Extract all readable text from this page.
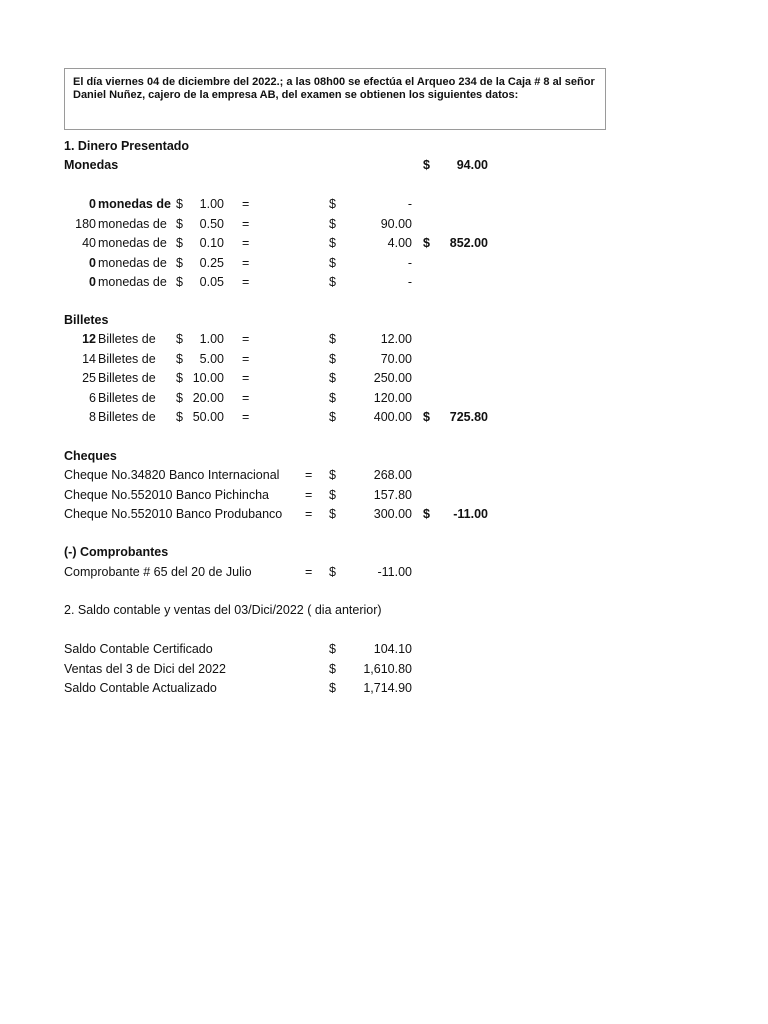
El día viernes 04 de diciembre del 2022.; a las 08h00 se efectúa el Arqueo 234 de la Caja # 8 al señor
Daniel Nuñez, cajero de la empresa AB, del examen se obtienen los siguientes datos:
1. Dinero Presentado
Monedas	$	94.00
0 monedas de $	1.00 =	$	-
180 monedas de $	0.50 =	$	90.00
40 monedas de $	0.10 =	$	4.00 $	852.00
0 monedas de $	0.25 =	$	-
0 monedas de $	0.05 =	$	-
Billetes
12 Billetes de $	1.00 =	$	12.00
14 Billetes de $	5.00 =	$	70.00
25 Billetes de $ 10.00 =	$	250.00
6 Billetes de $ 20.00 =	$	120.00
8 Billetes de $ 50.00 =	$	400.00 $	725.80
Cheques
Cheque No.34820 Banco Internacional = $	268.00
Cheque No.552010 Banco Pichincha	= $	157.80
Cheque No.552010 Banco Produbanco = $	300.00 $	-11.00
(-) Comprobantes
Comprobante # 65 del 20 de Julio	= $	-11.00
2. Saldo contable y ventas del 03/Dici/2022 ( dia anterior)
Saldo Contable Certificado	$	104.10
Ventas del 3 de Dici del 2022	$	1,610.80
Saldo Contable Actualizado	$	1,714.90
